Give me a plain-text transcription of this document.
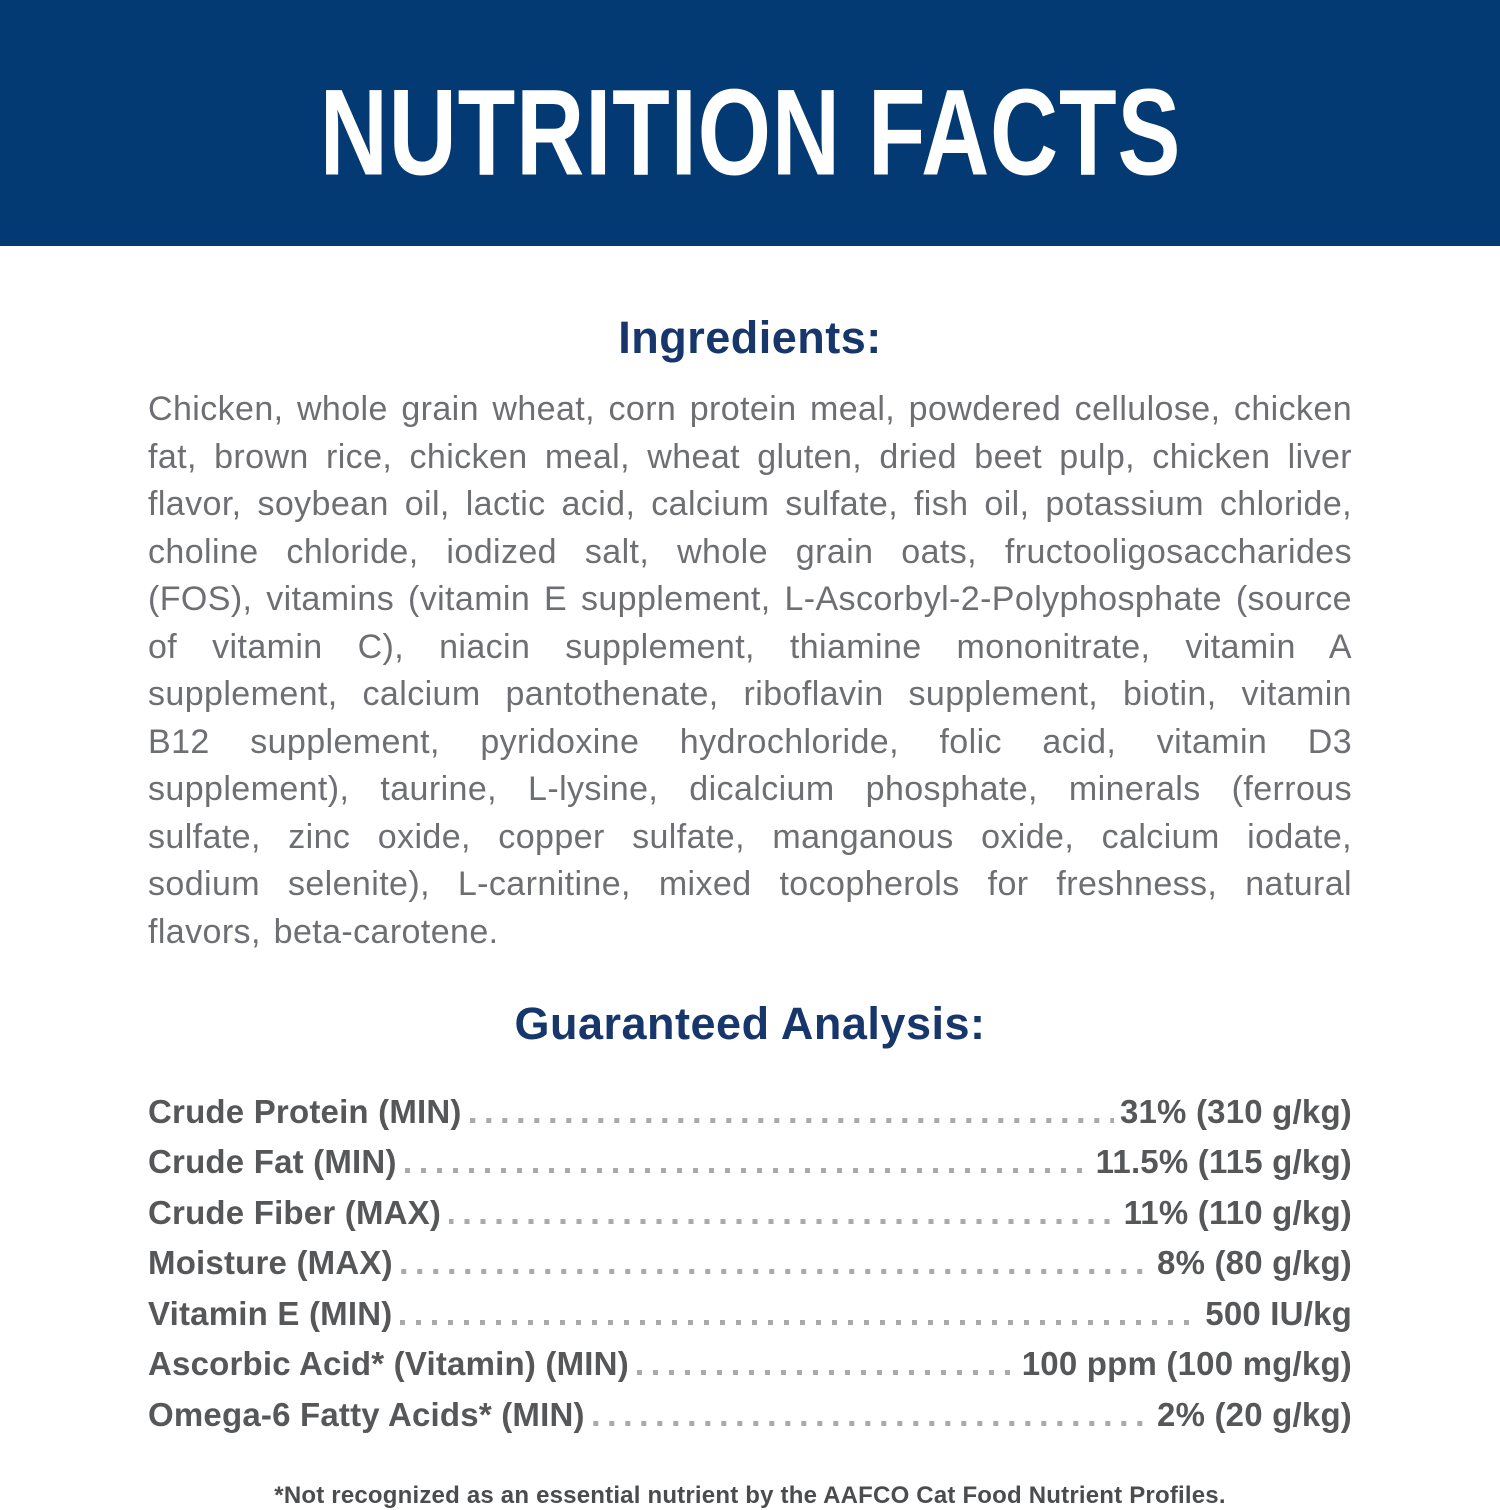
NUTRITION FACTS
Ingredients:

Chicken, whole grain wheat, corn protein meal, powdered cellulose, chicken fat, brown rice, chicken meal, wheat gluten, dried beet pulp, chicken liver flavor, soybean oil, lactic acid, calcium sulfate, fish oil, potassium chloride, choline chloride, iodized salt, whole grain oats, fructooligosaccharides (FOS), vitamins (vitamin E supplement, L-Ascorbyl-2-Polyphosphate (source of vitamin C), niacin supplement, thiamine mononitrate, vitamin A supplement, calcium pantothenate, riboflavin supplement, biotin, vitamin B12 supplement, pyridoxine hydrochloride, folic acid, vitamin D3 supplement), taurine, L-lysine, dicalcium phosphate, minerals (ferrous sulfate, zinc oxide, copper sulfate, manganous oxide, calcium iodate, sodium selenite), L-carnitine, mixed tocopherols for freshness, natural flavors, beta-carotene.

Guaranteed Analysis:
Crude Protein (MIN)	31% (310 g/kg)
Crude Fat (MIN)	11.5% (115 g/kg)
Crude Fiber (MAX)	11% (110 g/kg)
Moisture (MAX)	8% (80 g/kg)
Vitamin E (MIN)	500 IU/kg
Ascorbic Acid* (Vitamin) (MIN)	100 ppm (100 mg/kg)
Omega-6 Fatty Acids* (MIN)	2% (20 g/kg)
*Not recognized as an essential nutrient by the AAFCO Cat Food Nutrient Profiles.
